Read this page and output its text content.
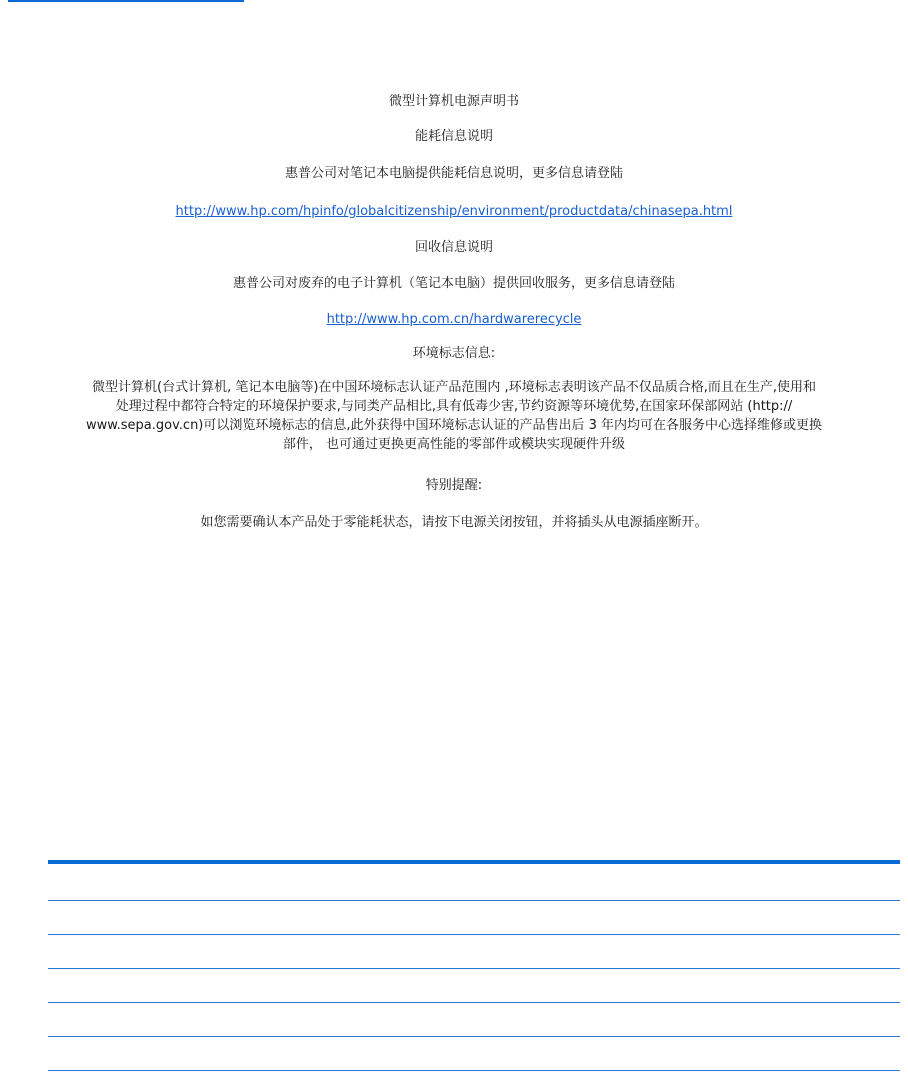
微型计算机电源声明书
能耗信息说明
惠普公司对笔记本电脑提供能耗信息说明，更多信息请登陆
http://www.hp.com/hpinfo/globalcitizenship/environment/productdata/chinasepa.html
回收信息说明
惠普公司对废弃的电子计算机（笔记本电脑）提供回收服务，更多信息请登陆
http://www.hp.com.cn/hardwarerecycle
环境标志信息:
微型计算机(台式计算机, 笔记本电脑等)在中国环境标志认证产品范围内 ,环境标志表明该产品不仅品质合格,而且在生产,使用和
处理过程中都符合特定的环境保护要求,与同类产品相比,具有低毒少害,节约资源等环境优势,在国家环保部网站 (http://
www.sepa.gov.cn)可以浏览环境标志的信息,此外获得中国环境标志认证的产品售出后 3 年内均可在各服务中心选择维修或更换
部件， 也可通过更换更高性能的零部件或模块实现硬件升级
特别提醒:
如您需要确认本产品处于零能耗状态，请按下电源关闭按钮，并将插头从电源插座断开。
